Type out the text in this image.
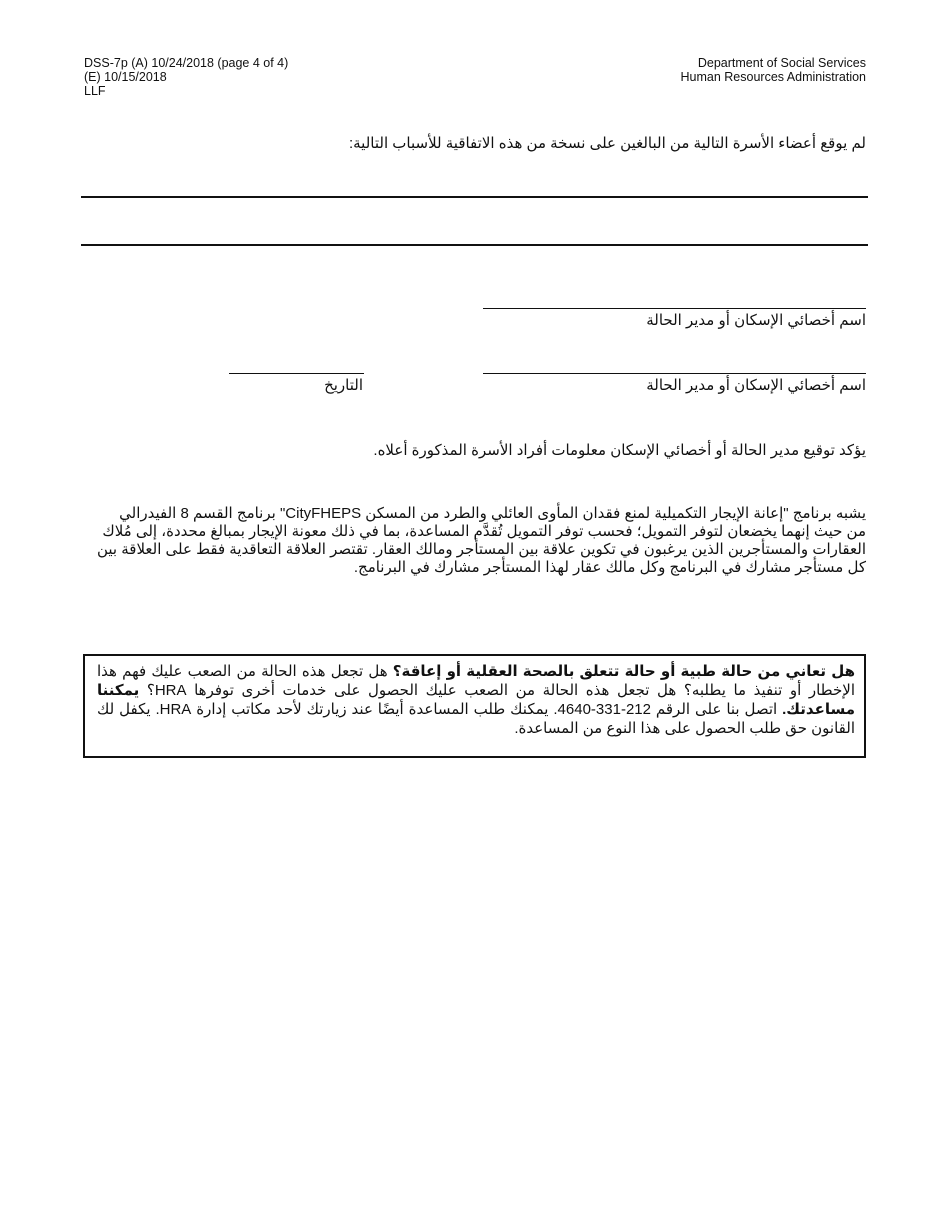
DSS-7p (A) 10/24/2018 (page 4 of 4)
(E) 10/15/2018
LLF
Department of Social Services
Human Resources Administration
لم يوقع أعضاء الأسرة التالية من البالغين على نسخة من هذه الاتفاقية للأسباب التالية:
اسم أخصائي الإسكان أو مدير الحالة
اسم أخصائي الإسكان أو مدير الحالة
التاريخ
يؤكد توقيع مدير الحالة أو أخصائي الإسكان معلومات أفراد الأسرة المذكورة أعلاه.
يشبه برنامج "إعانة الإيجار التكميلية لمنع فقدان المأوى العائلي والطرد من المسكن CityFHEPS" برنامج القسم 8 الفيدرالي من حيث إنهما يخضعان لتوفر التمويل؛ فحسب توفر التمويل تُقدَّم المساعدة، بما في ذلك معونة الإيجار بمبالغ محددة، إلى مُلاك العقارات والمستأجرين الذين يرغبون في تكوين علاقة بين المستأجر ومالك العقار. تقتصر العلاقة التعاقدية فقط على العلاقة بين كل مستأجر مشارك في البرنامج وكل مالك عقار لهذا المستأجر مشارك في البرنامج.
هل تعاني من حالة طبية أو حالة تتعلق بالصحة العقلية أو إعاقة؟ هل تجعل هذه الحالة من الصعب عليك فهم هذا الإخطار أو تنفيذ ما يطلبه؟ هل تجعل هذه الحالة من الصعب عليك الحصول على خدمات أخرى توفرها HRA؟ يمكننا مساعدتك. اتصل بنا على الرقم 212-331-4640. يمكنك طلب المساعدة أيضًا عند زيارتك لأحد مكاتب إدارة HRA. يكفل لك القانون حق طلب الحصول على هذا النوع من المساعدة.
